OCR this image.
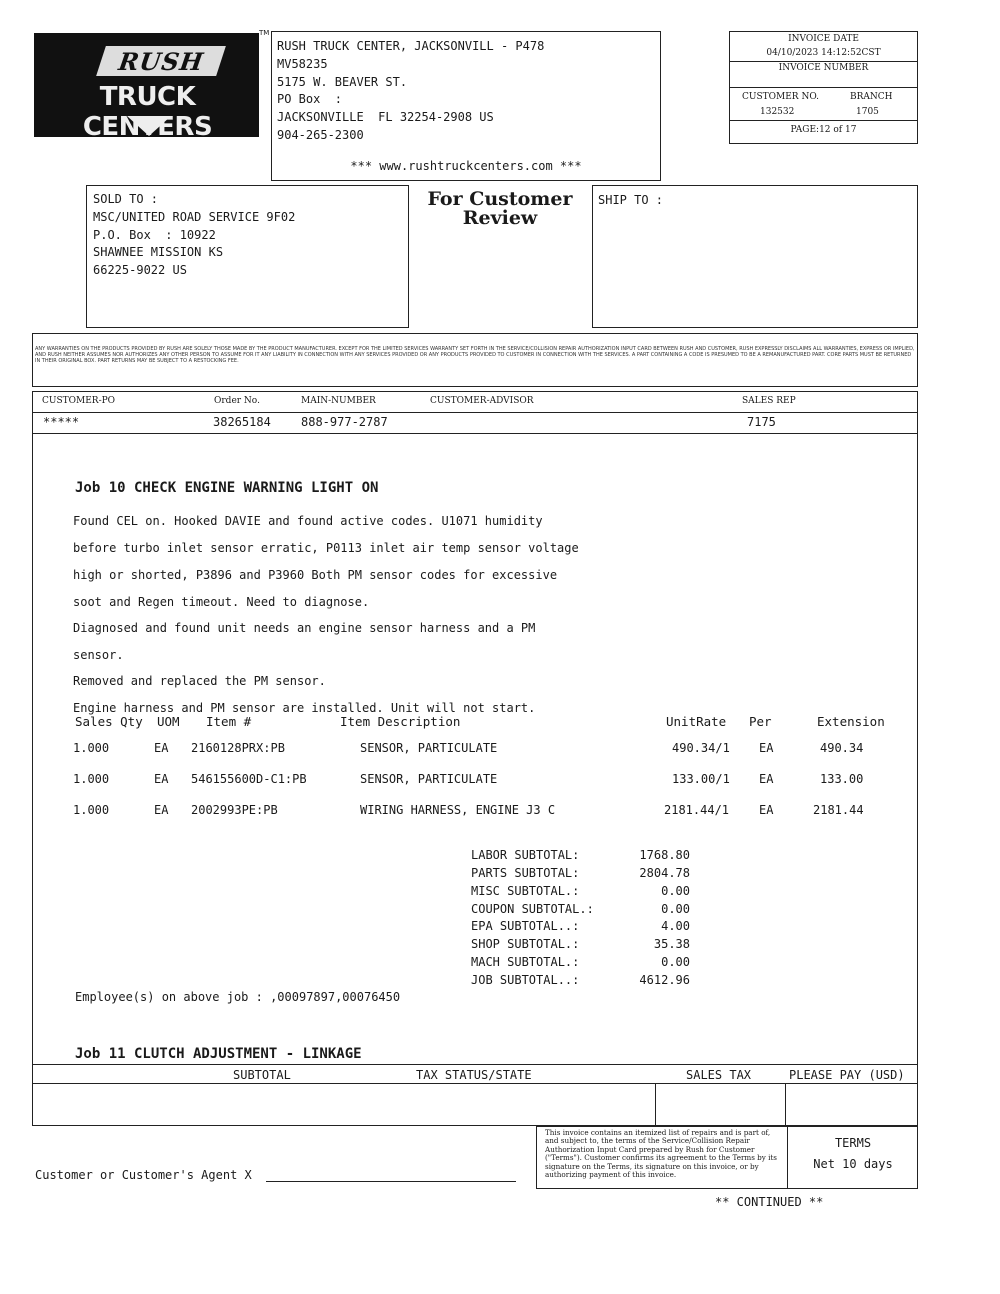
RUSH
TRUCK CENTERS
TM
RUSH TRUCK CENTER, JACKSONVILL - P478
MV58235
5175 W. BEAVER ST.
PO Box  :
JACKSONVILLE  FL 32254-2908 US
904-265-2300
*** www.rushtruckcenters.com ***
INVOICE DATE
04/10/2023 14:12:52CST
INVOICE NUMBER
CUSTOMER NO.	BRANCH
132532	1705
PAGE:12 of 17
SOLD TO :
MSC/UNITED ROAD SERVICE 9F02
P.O. Box  : 10922
SHAWNEE MISSION KS
66225-9022 US
For Customer
Review
SHIP TO :
ANY WARRANTIES ON THE PRODUCTS PROVIDED BY RUSH ARE SOLELY THOSE MADE BY THE PRODUCT MANUFACTURER. EXCEPT FOR THE LIMITED SERVICES WARRANTY SET FORTH IN THE SERVICE/COLLISION REPAIR AUTHORIZATION INPUT CARD BETWEEN RUSH AND CUSTOMER, RUSH EXPRESSLY DISCLAIMS ALL WARRANTIES, EXPRESS OR IMPLIED, AND RUSH NEITHER ASSUMES NOR AUTHORIZES ANY OTHER PERSON TO ASSUME FOR IT ANY LIABILITY IN CONNECTION WITH ANY SERVICES PROVIDED OR ANY PRODUCTS PROVIDED TO CUSTOMER IN CONNECTION WITH THE SERVICES. A PART CONTAINING A CODE IS PRESUMED TO BE A REMANUFACTURED PART. CORE PARTS MUST BE RETURNED IN THEIR ORIGINAL BOX. PART RETURNS MAY BE SUBJECT TO A RESTOCKING FEE.
CUSTOMER-PO	Order No.	MAIN-NUMBER	CUSTOMER-ADVISOR	SALES REP
*****	38265184	888-977-2787	7175
Job 10 CHECK ENGINE WARNING LIGHT ON
Found CEL on. Hooked DAVIE and found active codes. U1071 humidity
before turbo inlet sensor erratic, P0113 inlet air temp sensor voltage
high or shorted, P3896 and P3960 Both PM sensor codes for excessive
soot and Regen timeout. Need to diagnose.
Diagnosed and found unit needs an engine sensor harness and a PM
sensor.
Removed and replaced the PM sensor.
Engine harness and PM sensor are installed. Unit will not start.
Sales Qty UOM Item #	Item Description	UnitRate Per	Extension
1.000	EA 2160128PRX:PB	SENSOR, PARTICULATE	490.34/1 EA	490.34
1.000	EA 546155600D-C1:PB	SENSOR, PARTICULATE	133.00/1 EA	133.00
1.000	EA 2002993PE:PB	WIRING HARNESS, ENGINE J3 C	2181.44/1 EA	2181.44
LABOR SUBTOTAL:	1768.80
PARTS SUBTOTAL:	2804.78
MISC SUBTOTAL.:	0.00
COUPON SUBTOTAL.:	0.00
EPA SUBTOTAL..:	4.00
SHOP SUBTOTAL.:	35.38
MACH SUBTOTAL.:	0.00
JOB SUBTOTAL..:	4612.96
Employee(s) on above job : ,00097897,00076450
Job 11 CLUTCH ADJUSTMENT - LINKAGE
SUBTOTAL	TAX STATUS/STATE	SALES TAX	PLEASE PAY (USD)
This invoice contains an itemized list of repairs and is part of, and subject to, the terms of the Service/Collision Repair Authorization Input Card prepared by Rush for Customer ("Terms"). Customer confirms its agreement to the Terms by its signature on the Terms, its signature on this invoice, or by authorizing payment of this invoice.
TERMS
Net 10 days
Customer or Customer's Agent X
** CONTINUED **
